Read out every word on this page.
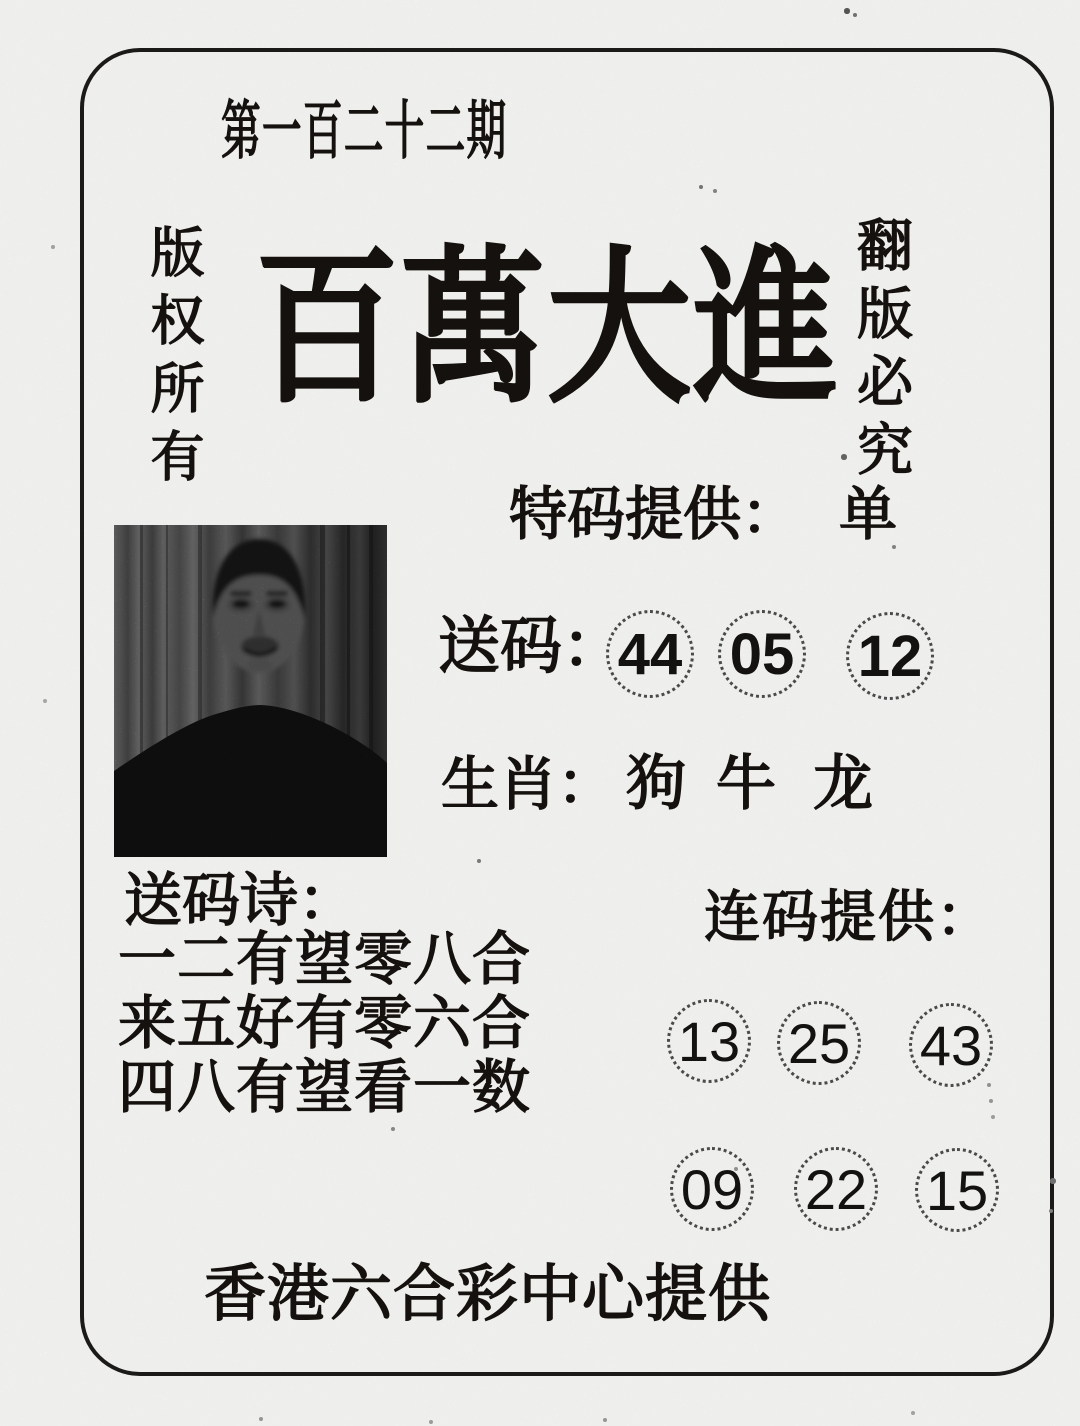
第一百二十二期
版权所有 百萬大進 翻版必究
特码提供： 单
送码：
44 05 12
生肖： 狗 牛 龙
送码诗：
一二有望零八合
来五好有零六合
四八有望看一数
连码提供：
13 25 43
09 22 15
香港六合彩中心提供
